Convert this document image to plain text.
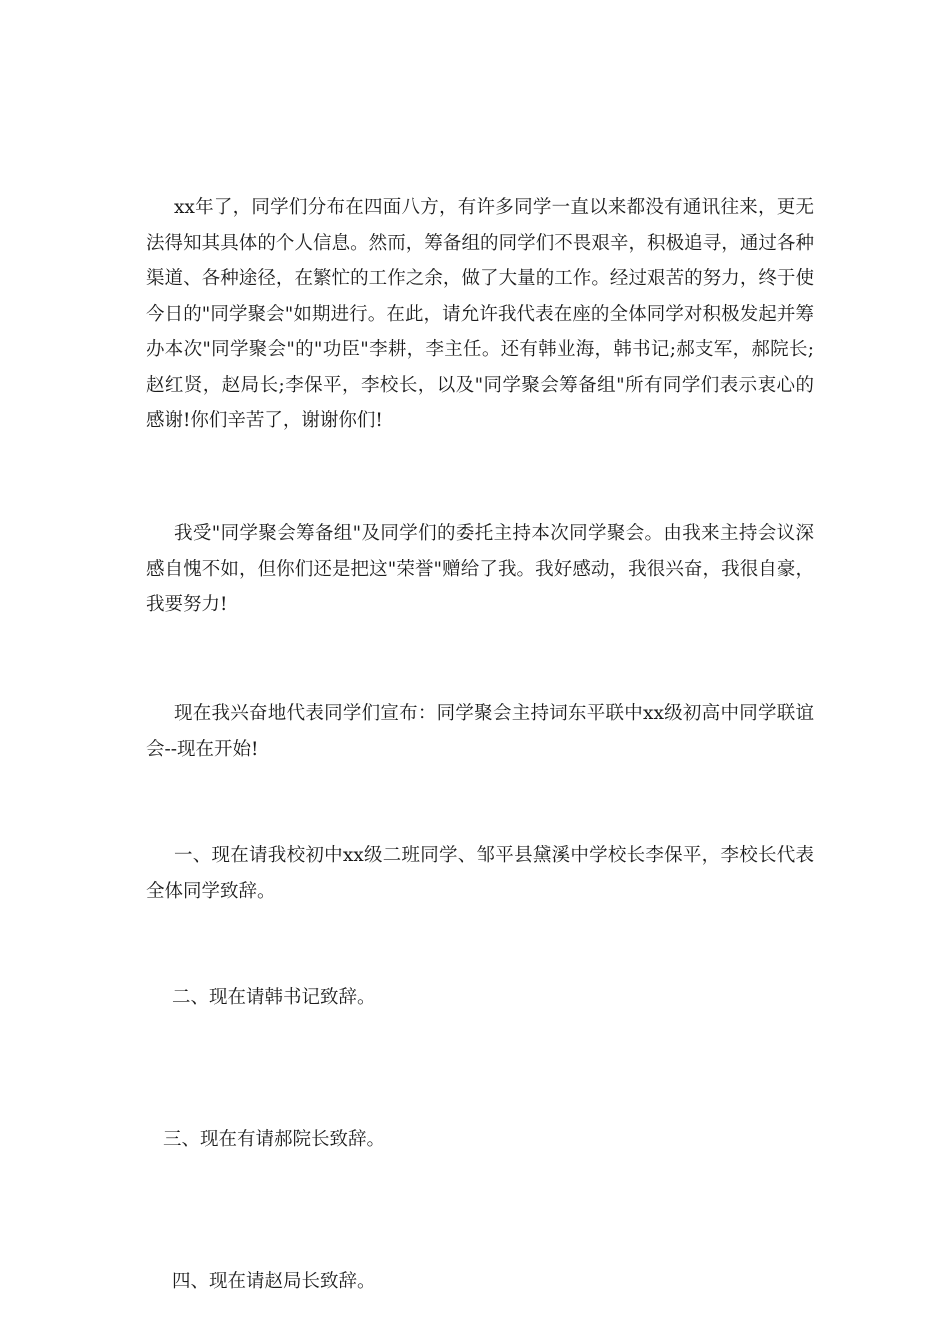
xx年了，同学们分布在四面八方，有许多同学一直以来都没有通讯往来，更无法得知其具体的个人信息。然而，筹备组的同学们不畏艰辛，积极追寻，通过各种渠道、各种途径，在繁忙的工作之余，做了大量的工作。经过艰苦的努力，终于使今日的"同学聚会"如期进行。在此，请允许我代表在座的全体同学对积极发起并筹办本次"同学聚会"的"功臣"李耕，李主任。还有韩业海，韩书记;郝支军，郝院长;赵红贤，赵局长;李保平，李校长，以及"同学聚会筹备组"所有同学们表示衷心的感谢!你们辛苦了，谢谢你们!

我受"同学聚会筹备组"及同学们的委托主持本次同学聚会。由我来主持会议深感自愧不如，但你们还是把这"荣誉"赠给了我。我好感动，我很兴奋，我很自豪，我要努力!

现在我兴奋地代表同学们宣布：同学聚会主持词东平联中xx级初高中同学联谊会--现在开始!

一、现在请我校初中xx级二班同学、邹平县黛溪中学校长李保平，李校长代表全体同学致辞。

二、现在请韩书记致辞。

三、现在有请郝院长致辞。

四、现在请赵局长致辞。
